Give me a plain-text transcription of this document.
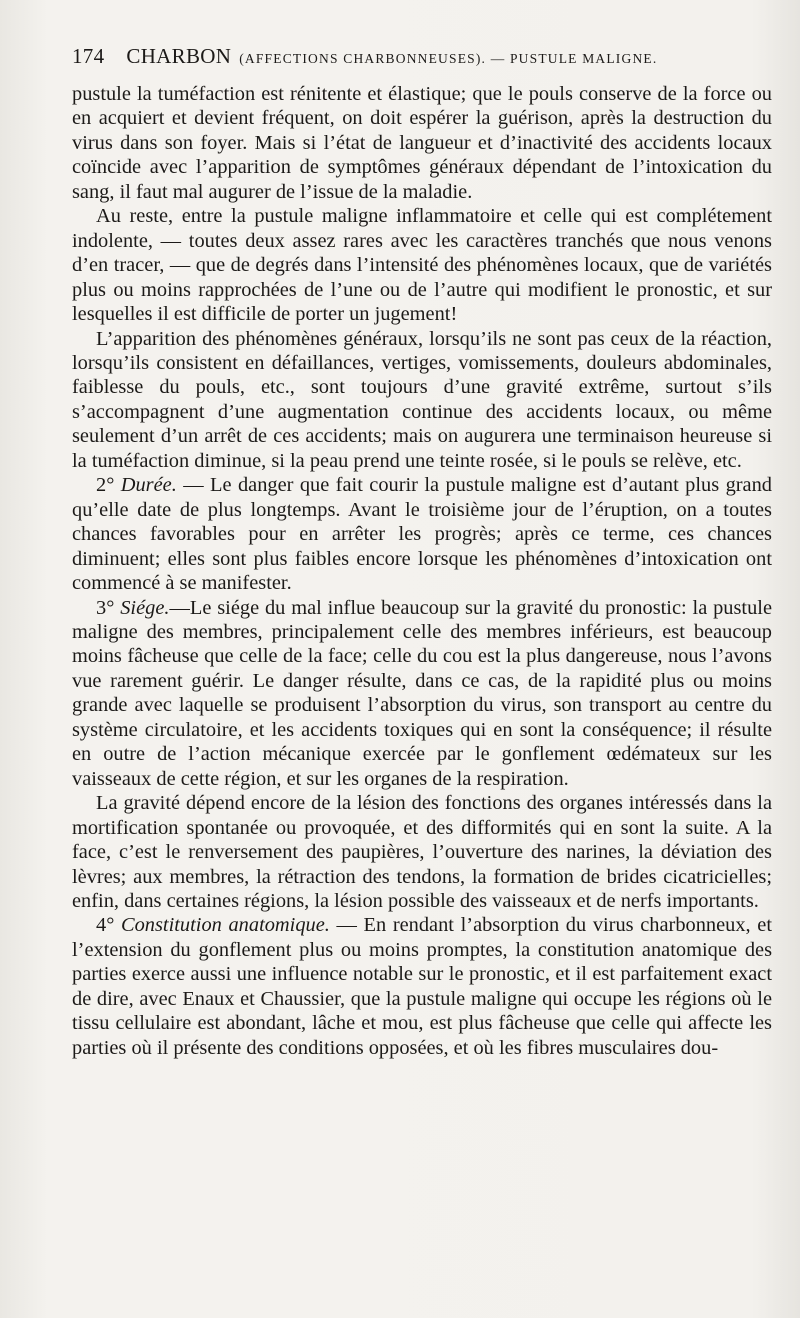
174 CHARBON (AFFECTIONS CHARBONNEUSES). — PUSTULE MALIGNE.

pustule la tuméfaction est rénitente et élastique; que le pouls conserve de la force ou en acquiert et devient fréquent, on doit espérer la guérison, après la destruction du virus dans son foyer. Mais si l’état de langueur et d’inactivité des accidents locaux coïncide avec l’apparition de symptômes généraux dépendant de l’intoxication du sang, il faut mal augurer de l’issue de la maladie.

Au reste, entre la pustule maligne inflammatoire et celle qui est complétement indolente, — toutes deux assez rares avec les caractères tranchés que nous venons d’en tracer, — que de degrés dans l’intensité des phénomènes locaux, que de variétés plus ou moins rapprochées de l’une ou de l’autre qui modifient le pronostic, et sur lesquelles il est difficile de porter un jugement!

L’apparition des phénomènes généraux, lorsqu’ils ne sont pas ceux de la réaction, lorsqu’ils consistent en défaillances, vertiges, vomissements, douleurs abdominales, faiblesse du pouls, etc., sont toujours d’une gravité extrême, surtout s’ils s’accompagnent d’une augmentation continue des accidents locaux, ou même seulement d’un arrêt de ces accidents; mais on augurera une terminaison heureuse si la tuméfaction diminue, si la peau prend une teinte rosée, si le pouls se relève, etc.

2° Durée. — Le danger que fait courir la pustule maligne est d’autant plus grand qu’elle date de plus longtemps. Avant le troisième jour de l’éruption, on a toutes chances favorables pour en arrêter les progrès; après ce terme, ces chances diminuent; elles sont plus faibles encore lorsque les phénomènes d’intoxication ont commencé à se manifester.

3° Siége.—Le siége du mal influe beaucoup sur la gravité du pronostic: la pustule maligne des membres, principalement celle des membres inférieurs, est beaucoup moins fâcheuse que celle de la face; celle du cou est la plus dangereuse, nous l’avons vue rarement guérir. Le danger résulte, dans ce cas, de la rapidité plus ou moins grande avec laquelle se produisent l’absorption du virus, son transport au centre du système circulatoire, et les accidents toxiques qui en sont la conséquence; il résulte en outre de l’action mécanique exercée par le gonflement œdémateux sur les vaisseaux de cette région, et sur les organes de la respiration.

La gravité dépend encore de la lésion des fonctions des organes intéressés dans la mortification spontanée ou provoquée, et des difformités qui en sont la suite. A la face, c’est le renversement des paupières, l’ouverture des narines, la déviation des lèvres; aux membres, la rétraction des tendons, la formation de brides cicatricielles; enfin, dans certaines régions, la lésion possible des vaisseaux et de nerfs importants.

4° Constitution anatomique. — En rendant l’absorption du virus charbonneux, et l’extension du gonflement plus ou moins promptes, la constitution anatomique des parties exerce aussi une influence notable sur le pronostic, et il est parfaitement exact de dire, avec Enaux et Chaussier, que la pustule maligne qui occupe les régions où le tissu cellulaire est abondant, lâche et mou, est plus fâcheuse que celle qui affecte les parties où il présente des conditions opposées, et où les fibres musculaires dou-
